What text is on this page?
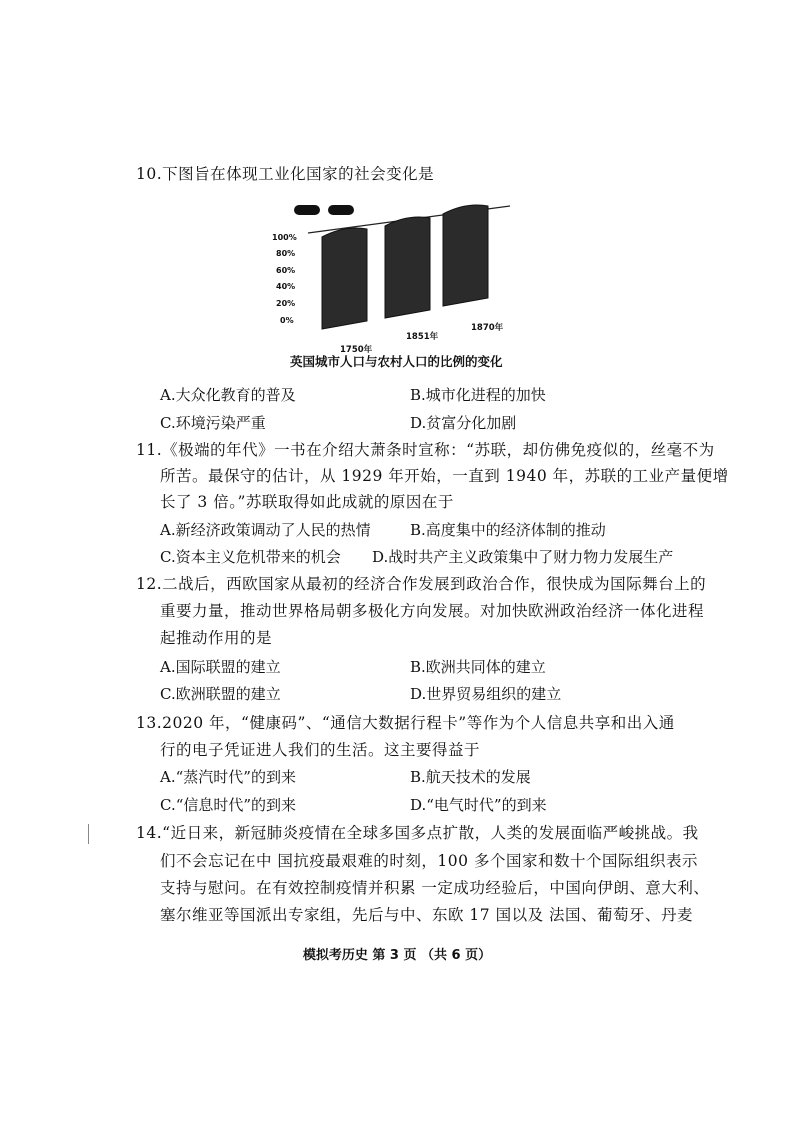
10.下图旨在体现工业化国家的社会变化是
100%
80%
60%
40%
20%
0%
1750年
1851年
1870年
英国城市人口与农村人口的比例的变化
A.大众化教育的普及	B.城市化进程的加快
C.环境污染严重	D.贫富分化加剧
11.《极端的年代》一书在介绍大萧条时宣称：“苏联，却仿佛免疫似的，丝毫不为
所苦。最保守的估计，从 1929 年开始，一直到 1940 年，苏联的工业产量便增
长了 3 倍。”苏联取得如此成就的原因在于
A.新经济政策调动了人民的热情	B.高度集中的经济体制的推动
C.资本主义危机带来的机会 D.战时共产主义政策集中了财力物力发展生产
12.二战后，西欧国家从最初的经济合作发展到政治合作，很快成为国际舞台上的
重要力量，推动世界格局朝多极化方向发展。对加快欧洲政治经济一体化进程
起推动作用的是
A.国际联盟的建立	B.欧洲共同体的建立
C.欧洲联盟的建立	D.世界贸易组织的建立
13.2020 年，“健康码”、“通信大数据行程卡”等作为个人信息共享和出入通
行的电子凭证进人我们的生活。这主要得益于
A.“蒸汽时代”的到来	B.航天技术的发展
C.“信息时代”的到来	D.“电气时代”的到来
14.“近日来，新冠肺炎疫情在全球多国多点扩散，人类的发展面临严峻挑战。我
们不会忘记在中 国抗疫最艰难的时刻，100 多个国家和数十个国际组织表示
支持与慰问。在有效控制疫情并积累 一定成功经验后，中国向伊朗、意大利、
塞尔维亚等国派出专家组，先后与中、东欧 17 国以及 法国、葡萄牙、丹麦
模拟考历史 第 3 页 （共 6 页）
